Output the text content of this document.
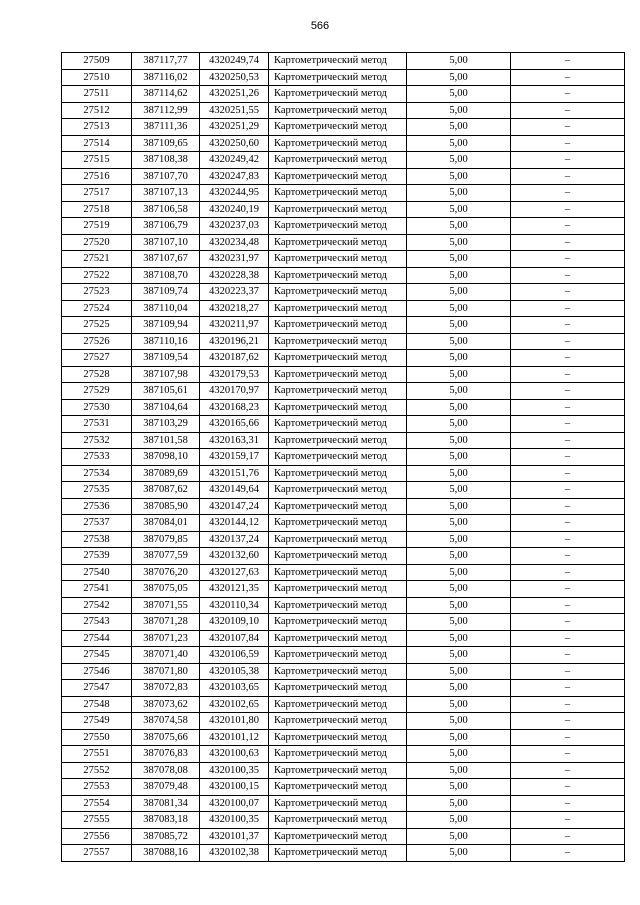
566
27509	387117,77	4320249,74	Картометрический метод	5,00	–
27510	387116,02	4320250,53	Картометрический метод	5,00	–
27511	387114,62	4320251,26	Картометрический метод	5,00	–
27512	387112,99	4320251,55	Картометрический метод	5,00	–
27513	387111,36	4320251,29	Картометрический метод	5,00	–
27514	387109,65	4320250,60	Картометрический метод	5,00	–
27515	387108,38	4320249,42	Картометрический метод	5,00	–
27516	387107,70	4320247,83	Картометрический метод	5,00	–
27517	387107,13	4320244,95	Картометрический метод	5,00	–
27518	387106,58	4320240,19	Картометрический метод	5,00	–
27519	387106,79	4320237,03	Картометрический метод	5,00	–
27520	387107,10	4320234,48	Картометрический метод	5,00	–
27521	387107,67	4320231,97	Картометрический метод	5,00	–
27522	387108,70	4320228,38	Картометрический метод	5,00	–
27523	387109,74	4320223,37	Картометрический метод	5,00	–
27524	387110,04	4320218,27	Картометрический метод	5,00	–
27525	387109,94	4320211,97	Картометрический метод	5,00	–
27526	387110,16	4320196,21	Картометрический метод	5,00	–
27527	387109,54	4320187,62	Картометрический метод	5,00	–
27528	387107,98	4320179,53	Картометрический метод	5,00	–
27529	387105,61	4320170,97	Картометрический метод	5,00	–
27530	387104,64	4320168,23	Картометрический метод	5,00	–
27531	387103,29	4320165,66	Картометрический метод	5,00	–
27532	387101,58	4320163,31	Картометрический метод	5,00	–
27533	387098,10	4320159,17	Картометрический метод	5,00	–
27534	387089,69	4320151,76	Картометрический метод	5,00	–
27535	387087,62	4320149,64	Картометрический метод	5,00	–
27536	387085,90	4320147,24	Картометрический метод	5,00	–
27537	387084,01	4320144,12	Картометрический метод	5,00	–
27538	387079,85	4320137,24	Картометрический метод	5,00	–
27539	387077,59	4320132,60	Картометрический метод	5,00	–
27540	387076,20	4320127,63	Картометрический метод	5,00	–
27541	387075,05	4320121,35	Картометрический метод	5,00	–
27542	387071,55	4320110,34	Картометрический метод	5,00	–
27543	387071,28	4320109,10	Картометрический метод	5,00	–
27544	387071,23	4320107,84	Картометрический метод	5,00	–
27545	387071,40	4320106,59	Картометрический метод	5,00	–
27546	387071,80	4320105,38	Картометрический метод	5,00	–
27547	387072,83	4320103,65	Картометрический метод	5,00	–
27548	387073,62	4320102,65	Картометрический метод	5,00	–
27549	387074,58	4320101,80	Картометрический метод	5,00	–
27550	387075,66	4320101,12	Картометрический метод	5,00	–
27551	387076,83	4320100,63	Картометрический метод	5,00	–
27552	387078,08	4320100,35	Картометрический метод	5,00	–
27553	387079,48	4320100,15	Картометрический метод	5,00	–
27554	387081,34	4320100,07	Картометрический метод	5,00	–
27555	387083,18	4320100,35	Картометрический метод	5,00	–
27556	387085,72	4320101,37	Картометрический метод	5,00	–
27557	387088,16	4320102,38	Картометрический метод	5,00	–
